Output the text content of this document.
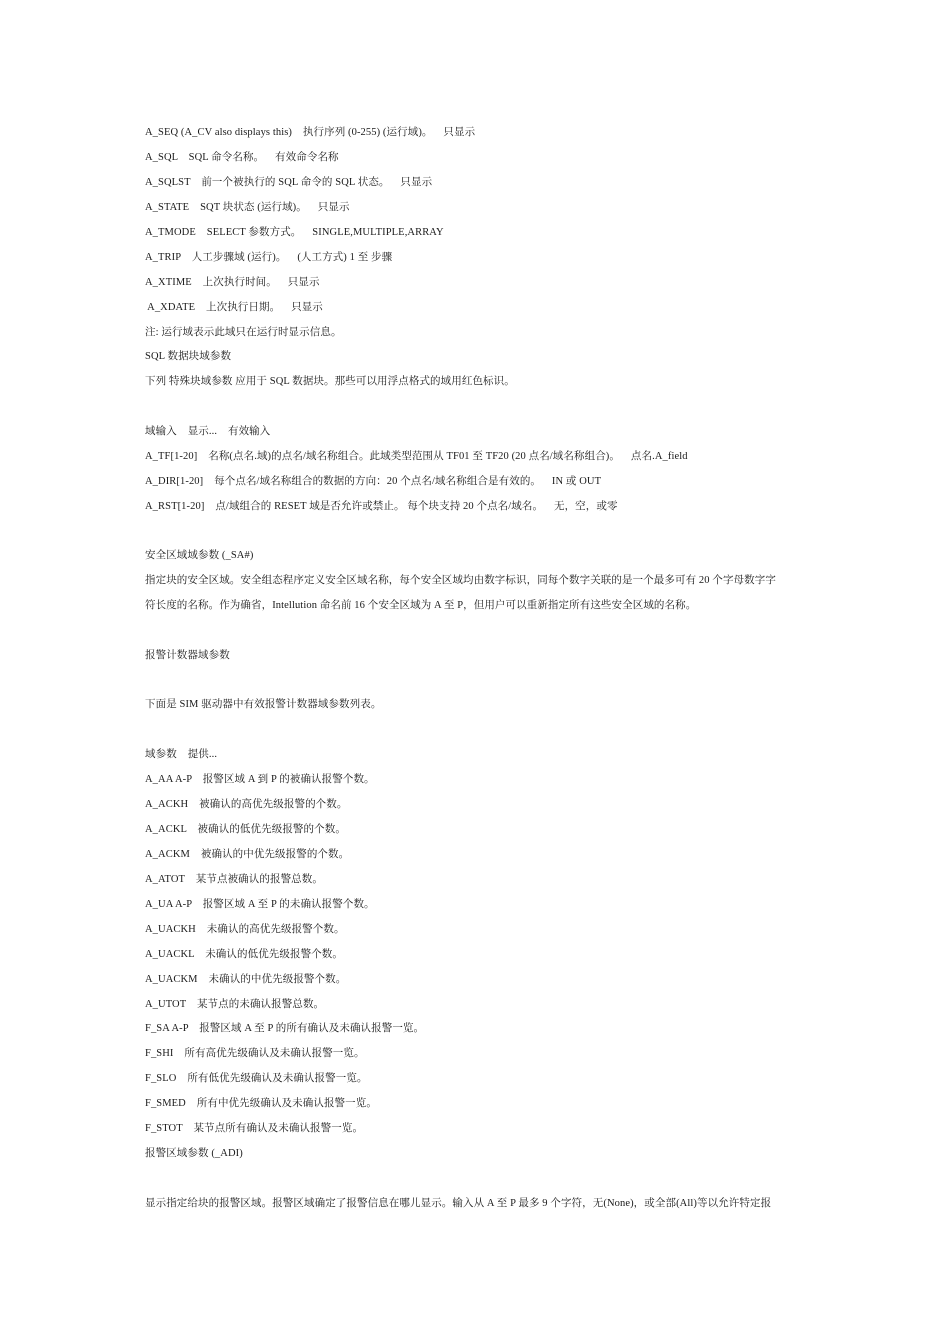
A_SEQ (A_CV also displays this)    执行序列 (0-255) (运行域)。    只显示
A_SQL    SQL 命令名称。    有效命令名称
A_SQLST    前一个被执行的 SQL 命令的 SQL 状态。    只显示
A_STATE    SQT 块状态 (运行域)。    只显示
A_TMODE    SELECT 参数方式。    SINGLE,MULTIPLE,ARRAY
A_TRIP    人工步骤域 (运行)。    (人工方式) 1 至 步骤
A_XTIME    上次执行时间。    只显示
A_XDATE    上次执行日期。    只显示
注: 运行域表示此域只在运行时显示信息。
SQL 数据块域参数
下列 特殊块域参数 应用于 SQL 数据块。那些可以用浮点格式的域用红色标识。
域输入    显示...    有效输入
A_TF[1-20]    名称(点名.域)的点名/域名称组合。此域类型范围从 TF01 至 TF20 (20 点名/域名称组合)。    点名.A_field
A_DIR[1-20]    每个点名/域名称组合的数据的方向：20 个点名/域名称组合是有效的。    IN 或 OUT
A_RST[1-20]    点/域组合的 RESET 域是否允许或禁止。 每个块支持 20 个点名/域名。    无，空，或零
安全区域域参数 (_SA#)
指定块的安全区域。安全组态程序定义安全区域名称，每个安全区域均由数字标识，同每个数字关联的是一个最多可有 20 个字母数字字
符长度的名称。作为确省，Intellution 命名前 16 个安全区域为 A 至 P，但用户可以重新指定所有这些安全区域的名称。
报警计数器域参数
下面是 SIM 驱动器中有效报警计数器域参数列表。
域参数    提供...
A_AA A-P    报警区域 A 到 P 的被确认报警个数。
A_ACKH    被确认的高优先级报警的个数。
A_ACKL    被确认的低优先级报警的个数。
A_ACKM    被确认的中优先级报警的个数。
A_ATOT    某节点被确认的报警总数。
A_UA A-P    报警区域 A 至 P 的未确认报警个数。
A_UACKH    未确认的高优先级报警个数。
A_UACKL    未确认的低优先级报警个数。
A_UACKM    未确认的中优先级报警个数。
A_UTOT    某节点的未确认报警总数。
F_SA A-P    报警区域 A 至 P 的所有确认及未确认报警一览。
F_SHI    所有高优先级确认及未确认报警一览。
F_SLO    所有低优先级确认及未确认报警一览。
F_SMED    所有中优先级确认及未确认报警一览。
F_STOT    某节点所有确认及未确认报警一览。
报警区域参数 (_ADI)
显示指定给块的报警区域。报警区域确定了报警信息在哪儿显示。输入从 A 至 P 最多 9 个字符，无(None)，或全部(All)等以允许特定报
